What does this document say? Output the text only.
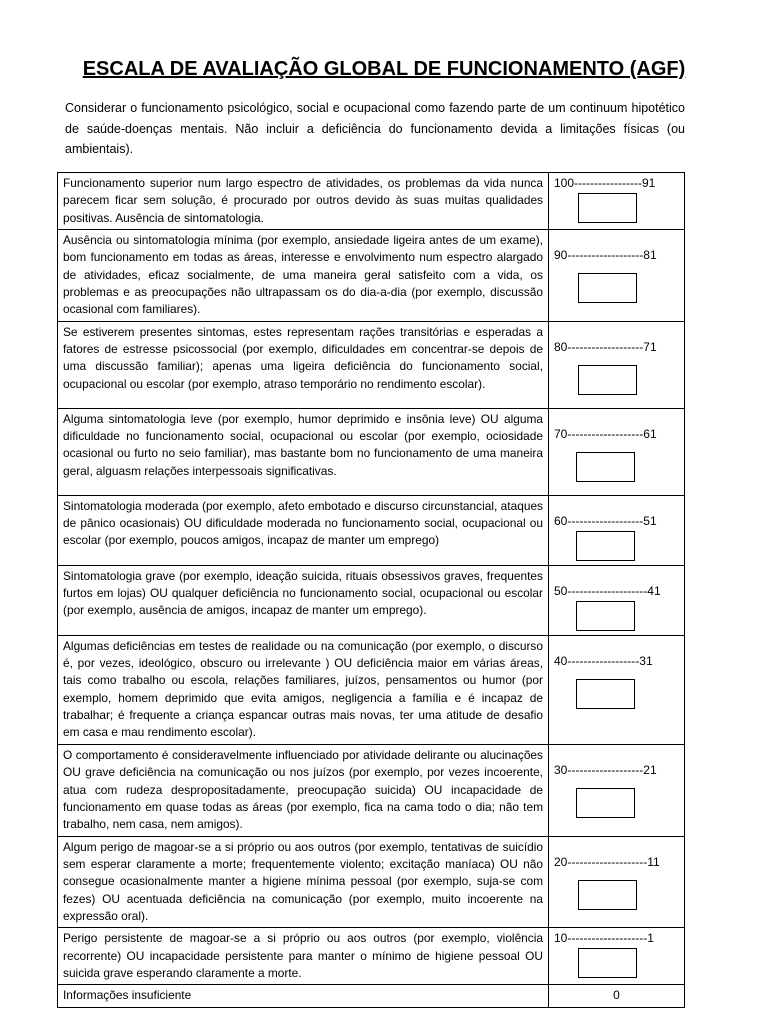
ESCALA DE AVALIAÇÃO GLOBAL DE FUNCIONAMENTO (AGF)
Considerar o funcionamento psicológico, social e ocupacional como fazendo parte de um continuum hipotético de saúde-doenças mentais. Não incluir a deficiência do funcionamento devida a limitações físicas (ou ambientais).
Funcionamento superior num largo espectro de atividades, os problemas da vida nunca parecem ficar sem solução, é procurado por outros devido às suas muitas qualidades positivas. Ausência de sintomatologia.	100-----------------91

Ausência ou sintomatologia mínima (por exemplo, ansiedade ligeira antes de um exame), bom funcionamento em todas as áreas, interesse e envolvimento num espectro alargado de atividades, eficaz socialmente, de uma maneira geral satisfeito com a vida, os problemas e as preocupações não ultrapassam os do dia-a-dia (por exemplo, discussão ocasional com familiares).	90-------------------81

Se estiverem presentes sintomas, estes representam rações transitórias e esperadas a fatores de estresse psicossocial (por exemplo, dificuldades em concentrar-se depois de uma discussão familiar); apenas uma ligeira deficiência do funcionamento social, ocupacional ou escolar (por exemplo, atraso temporário no rendimento escolar).	80-------------------71

Alguma sintomatologia leve (por exemplo, humor deprimido e insônia leve) OU alguma dificuldade no funcionamento social, ocupacional ou escolar (por exemplo, ociosidade ocasional ou furto no seio familiar), mas bastante bom no funcionamento de uma maneira geral, alguasm relações interpessoais significativas.	70-------------------61

Sintomatologia moderada (por exemplo, afeto embotado e discurso circunstancial, ataques de pânico ocasionais) OU dificuldade moderada no funcionamento social, ocupacional ou escolar (por exemplo, poucos amigos, incapaz de manter um emprego)	60-------------------51

Sintomatologia grave (por exemplo, ideação suicida, rituais obsessivos graves, frequentes furtos em lojas) OU qualquer deficiência no funcionamento social, ocupacional ou escolar (por exemplo, ausência de amigos, incapaz de manter um emprego).	50--------------------41

Algumas deficiências em testes de realidade ou na comunicação (por exemplo, o discurso é, por vezes, ideológico, obscuro ou irrelevante ) OU deficiência maior em várias áreas, tais como trabalho ou escola, relações familiares, juízos, pensamentos ou humor (por exemplo, homem deprimido que evita amigos, negligencia a família e é incapaz de trabalhar; é frequente a criança espancar outras mais novas, ter uma atitude de desafio em casa e mau rendimento escolar).	40------------------31

O comportamento é consideravelmente influenciado por atividade delirante ou alucinações OU grave deficiência na comunicação ou nos juízos (por exemplo, por vezes incoerente, atua com rudeza despropositadamente, preocupação suicida) OU incapacidade de funcionamento em quase todas as áreas (por exemplo, fica na cama todo o dia; não tem trabalho, nem casa, nem amigos).	30-------------------21

Algum perigo de magoar-se a si próprio ou aos outros (por exemplo, tentativas de suicídio sem esperar claramente a morte; frequentemente violento; excitação maníaca) OU não consegue ocasionalmente manter a higiene mínima pessoal (por exemplo, suja-se com fezes) OU acentuada deficiência na comunicação (por exemplo, muito incoerente na expressão oral).	20--------------------11

Perigo persistente de magoar-se a si próprio ou aos outros (por exemplo, violência recorrente) OU incapacidade persistente para manter o mínimo de higiene pessoal OU suicida grave esperando claramente a morte.	10--------------------1

Informações insuficiente	0
